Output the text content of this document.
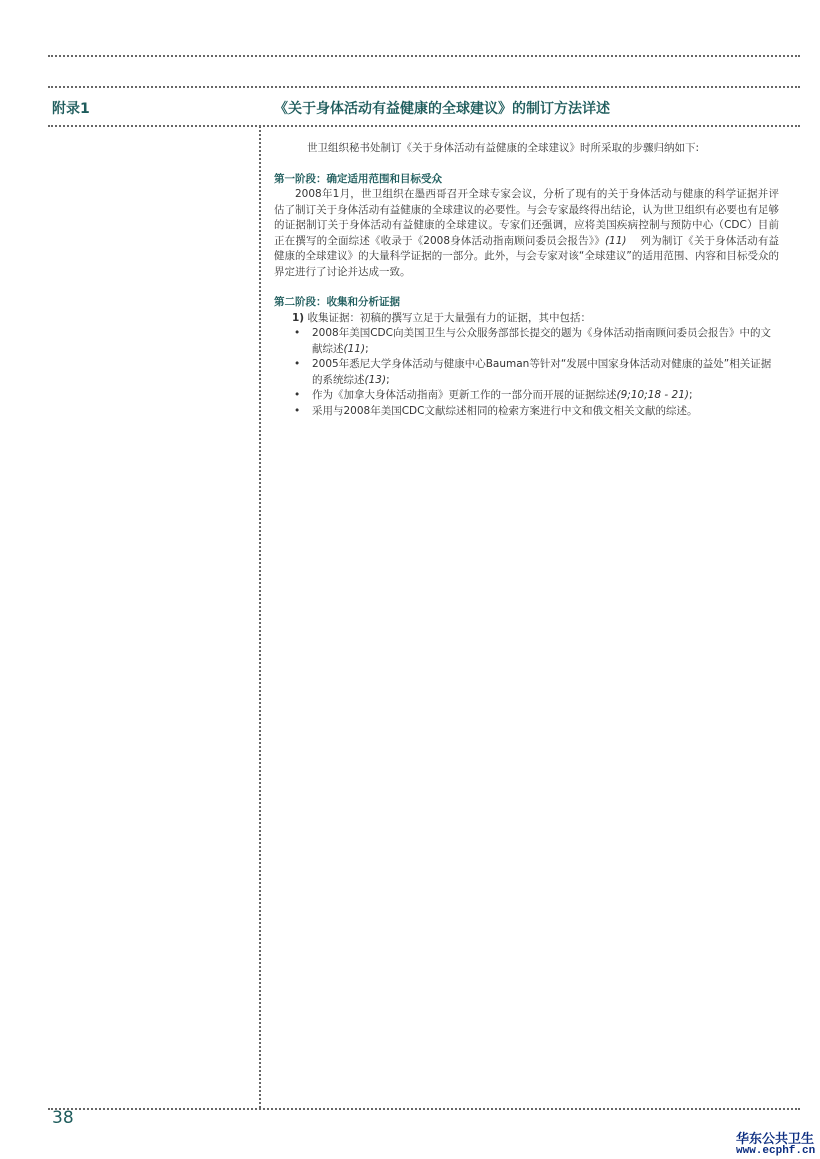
附录1	《关于身体活动有益健康的全球建议》的制订方法详述

世卫组织秘书处制订《关于身体活动有益健康的全球建议》时所采取的步骤归纳如下:

第一阶段：确定适用范围和目标受众

2008年1月，世卫组织在墨西哥召开全球专家会议，分析了现有的关于身体活动与健康的科学证据并评估了制订关于身体活动有益健康的全球建议的必要性。与会专家最终得出结论，认为世卫组织有必要也有足够的证据制订关于身体活动有益健康的全球建议。专家们还强调，应将美国疾病控制与预防中心（CDC）目前正在撰写的全面综述《收录于《2008身体活动指南顾问委员会报告》》(11) 列为制订《关于身体活动有益健康的全球建议》的大量科学证据的一部分。此外，与会专家对该“全球建议”的适用范围、内容和目标受众的界定进行了讨论并达成一致。

第二阶段：收集和分析证据

1) 收集证据：初稿的撰写立足于大量强有力的证据，其中包括：

• 2008年美国CDC向美国卫生与公众服务部部长提交的题为《身体活动指南顾问委员会报告》中的文献综述(11);
• 2005年悉尼大学身体活动与健康中心Bauman等针对“发展中国家身体活动对健康的益处”相关证据的系统综述(13);
• 作为《加拿大身体活动指南》更新工作的一部分而开展的证据综述(9;10;18 - 21);
• 采用与2008年美国CDC文献综述相同的检索方案进行中文和俄文相关文献的综述。
38
华东公共卫生
www.ecphf.cn
